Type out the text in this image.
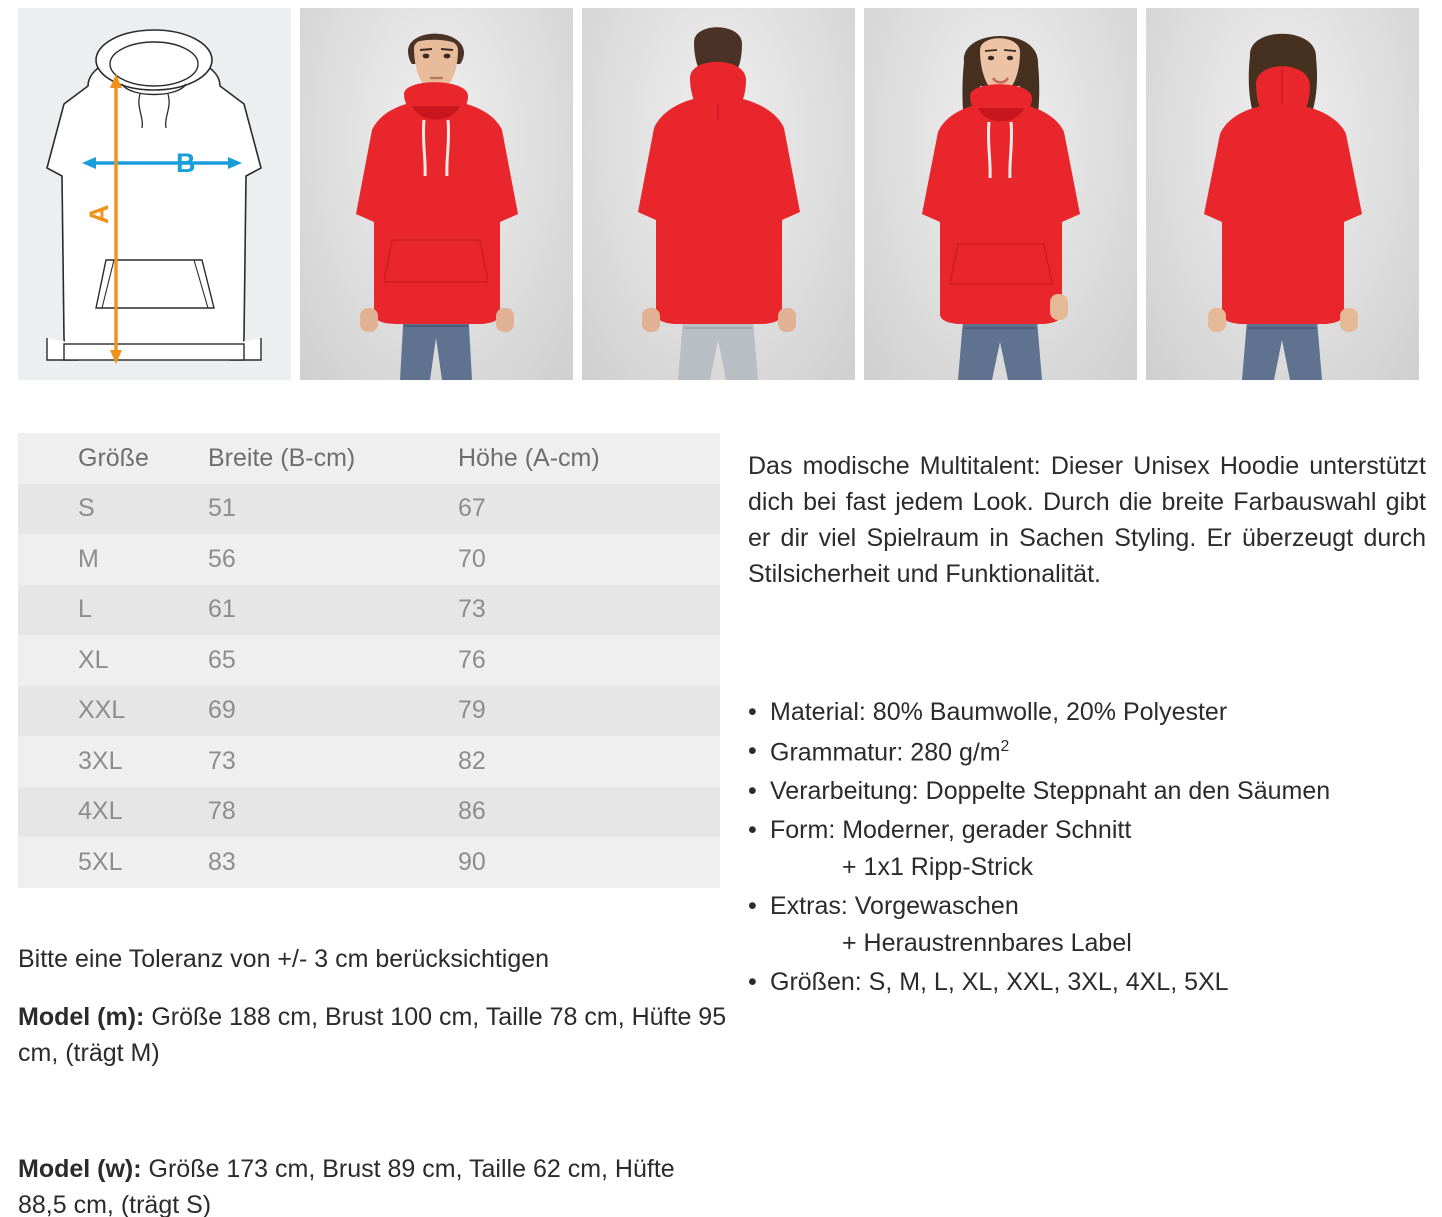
B
A
Größe	Breite (B-cm)	Höhe (A-cm)
S	51	67
M	56	70
L	61	73
XL	65	76
XXL	69	79
3XL	73	82
4XL	78	86
5XL	83	90
Bitte eine Toleranz von +/- 3 cm berücksichtigen
Model (m): Größe 188 cm, Brust 100 cm, Taille 78 cm, Hüfte 95 cm, (trägt M)
Model (w): Größe 173 cm, Brust 89 cm, Taille 62 cm, Hüfte 88,5 cm, (trägt S)
Das modische Multitalent: Dieser Unisex Hoodie unterstützt dich bei fast jedem Look. Durch die breite Farbauswahl gibt er dir viel Spielraum in Sachen Styling. Er überzeugt durch Stilsicherheit und Funktionalität.
• Material: 80% Baumwolle, 20% Polyester
• Grammatur: 280 $g/m^2$
• Verarbeitung: Doppelte Steppnaht an den Säumen
• Form: Moderner, gerader Schnitt
+ 1x1 Ripp-Strick
• Extras: Vorgewaschen
+ Heraustrennbares Label
• Größen: S, M, L, XL, XXL, 3XL, 4XL, 5XL
